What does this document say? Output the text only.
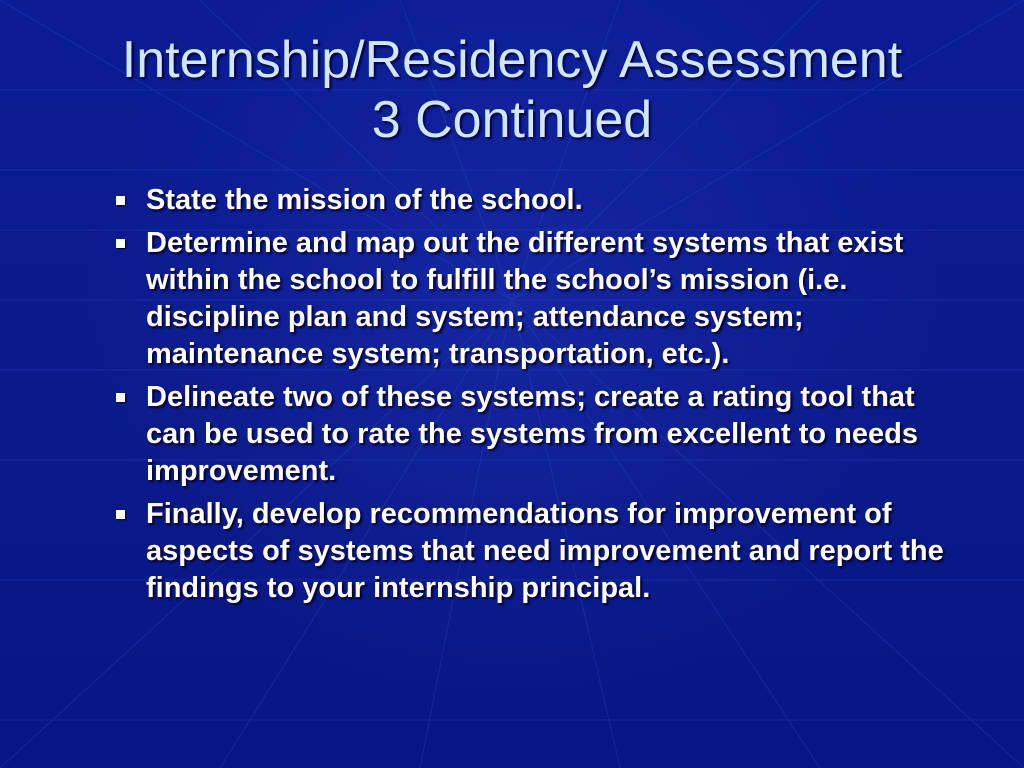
Internship/Residency Assessment
3 Continued
State the mission of the school.
Determine and map out the different systems that exist within the school to fulfill the school’s mission (i.e. discipline plan and system; attendance system; maintenance system; transportation, etc.).
Delineate two of these systems; create a rating tool that can be used to rate the systems from excellent to needs improvement.
Finally, develop recommendations for improvement of aspects of systems that need improvement and report the findings to your internship principal.
